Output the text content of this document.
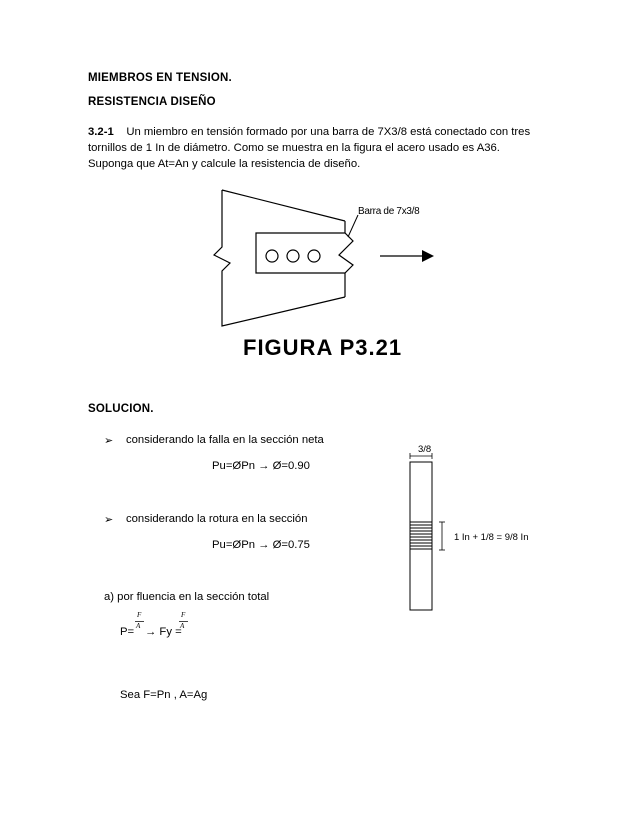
MIEMBROS EN TENSION.
RESISTENCIA DISEÑO
3.2-1 Un miembro en tensión formado por una barra de 7X3/8 está conectado con tres
tornillos de 1 In de diámetro. Como se muestra en la figura el acero usado es A36.
Suponga que At=An y calcule la resistencia de diseño.
Barra de 7x3/8
FIGURA P3.21
SOLUCION.
➢ considerando la falla en la sección neta
Pu=ØPn → Ø=0.90
➢ considerando la rotura en la sección
Pu=ØPn → Ø=0.75
a) por fluencia en la sección total
F
A
P= → Fy =
F
A
Sea F=Pn , A=Ag
3/8
1 In + 1/8 = 9/8 In
